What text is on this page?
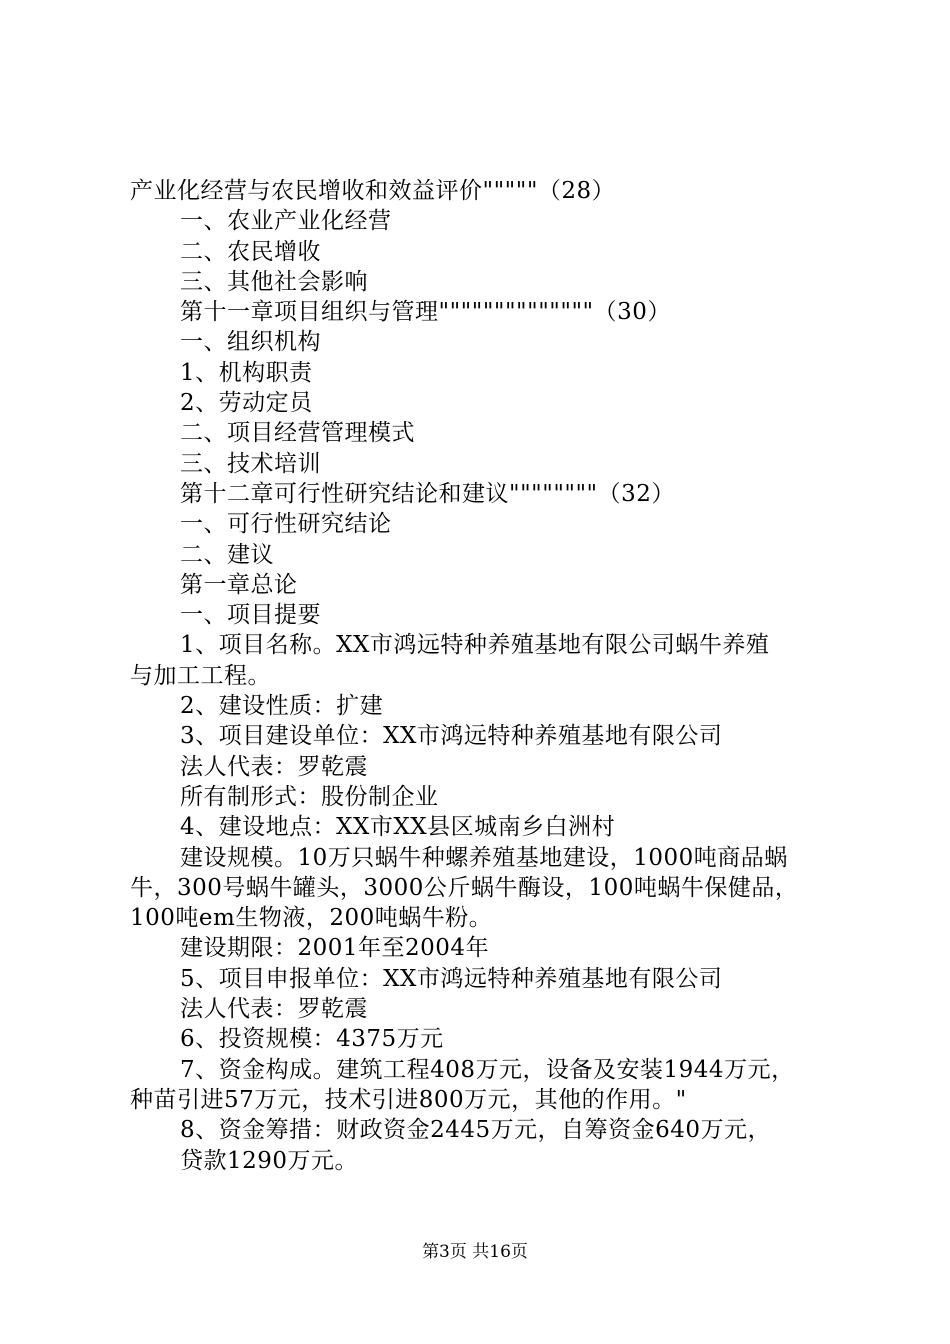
产业化经营与农民增收和效益评价"""""（28）
一、农业产业化经营
二、农民增收
三、其他社会影响
第十一章项目组织与管理""""""""""""""（30）
一、组织机构
1、机构职责
2、劳动定员
二、项目经营管理模式
三、技术培训
第十二章可行性研究结论和建议""""""""（32）
一、可行性研究结论
二、建议
第一章总论
一、项目提要
1、项目名称。XX市鸿远特种养殖基地有限公司蜗牛养殖
与加工工程。
2、建设性质：扩建
3、项目建设单位：XX市鸿远特种养殖基地有限公司
法人代表：罗乾震
所有制形式：股份制企业
4、建设地点：XX市XX县区城南乡白洲村
建设规模。10万只蜗牛种螺养殖基地建设，1000吨商品蜗
牛，300号蜗牛罐头，3000公斤蜗牛酶设，100吨蜗牛保健品，
100吨em生物液，200吨蜗牛粉。
建设期限：2001年至2004年
5、项目申报单位：XX市鸿远特种养殖基地有限公司
法人代表：罗乾震
6、投资规模：4375万元
7、资金构成。建筑工程408万元，设备及安装1944万元，
种苗引进57万元，技术引进800万元，其他的作用。"
8、资金筹措：财政资金2445万元，自筹资金640万元，
贷款1290万元。
第3页 共16页
